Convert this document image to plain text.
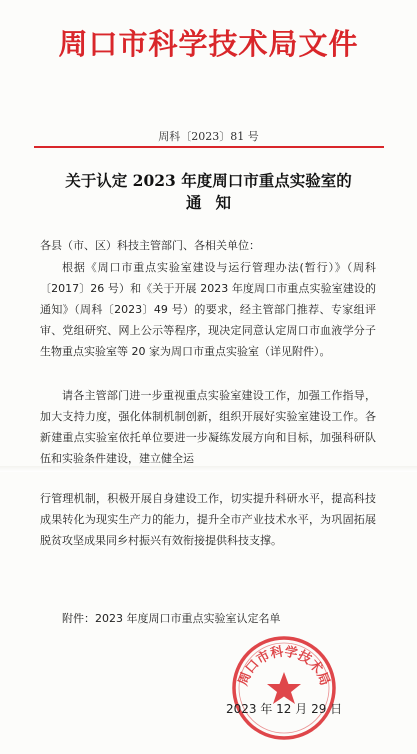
周口市科学技术局文件
周科〔2023〕81 号
关于认定 2023 年度周口市重点实验室的
通知
各县（市、区）科技主管部门、各相关单位：
根据《周口市重点实验室建设与运行管理办法(暂行）》（周科〔2017〕26 号）和《关于开展 2023 年度周口市重点实验室建设的通知》（周科〔2023〕49 号）的要求，经主管部门推荐、专家组评审、党组研究、网上公示等程序，现决定同意认定周口市血液学分子生物重点实验室等 20 家为周口市重点实验室（详见附件）。
请各主管部门进一步重视重点实验室建设工作，加强工作指导，加大支持力度，强化体制机制创新，组织开展好实验室建设工作。各新建重点实验室依托单位要进一步凝练发展方向和目标，加强科研队伍和实验条件建设，建立健全运
行管理机制，积极开展自身建设工作，切实提升科研水平，提高科技成果转化为现实生产力的能力，提升全市产业技术水平，为巩固拓展脱贫攻坚成果同乡村振兴有效衔接提供科技支撑。
附件：2023 年度周口市重点实验室认定名单
周口市科学技术局
2023 年 12 月 29 日
